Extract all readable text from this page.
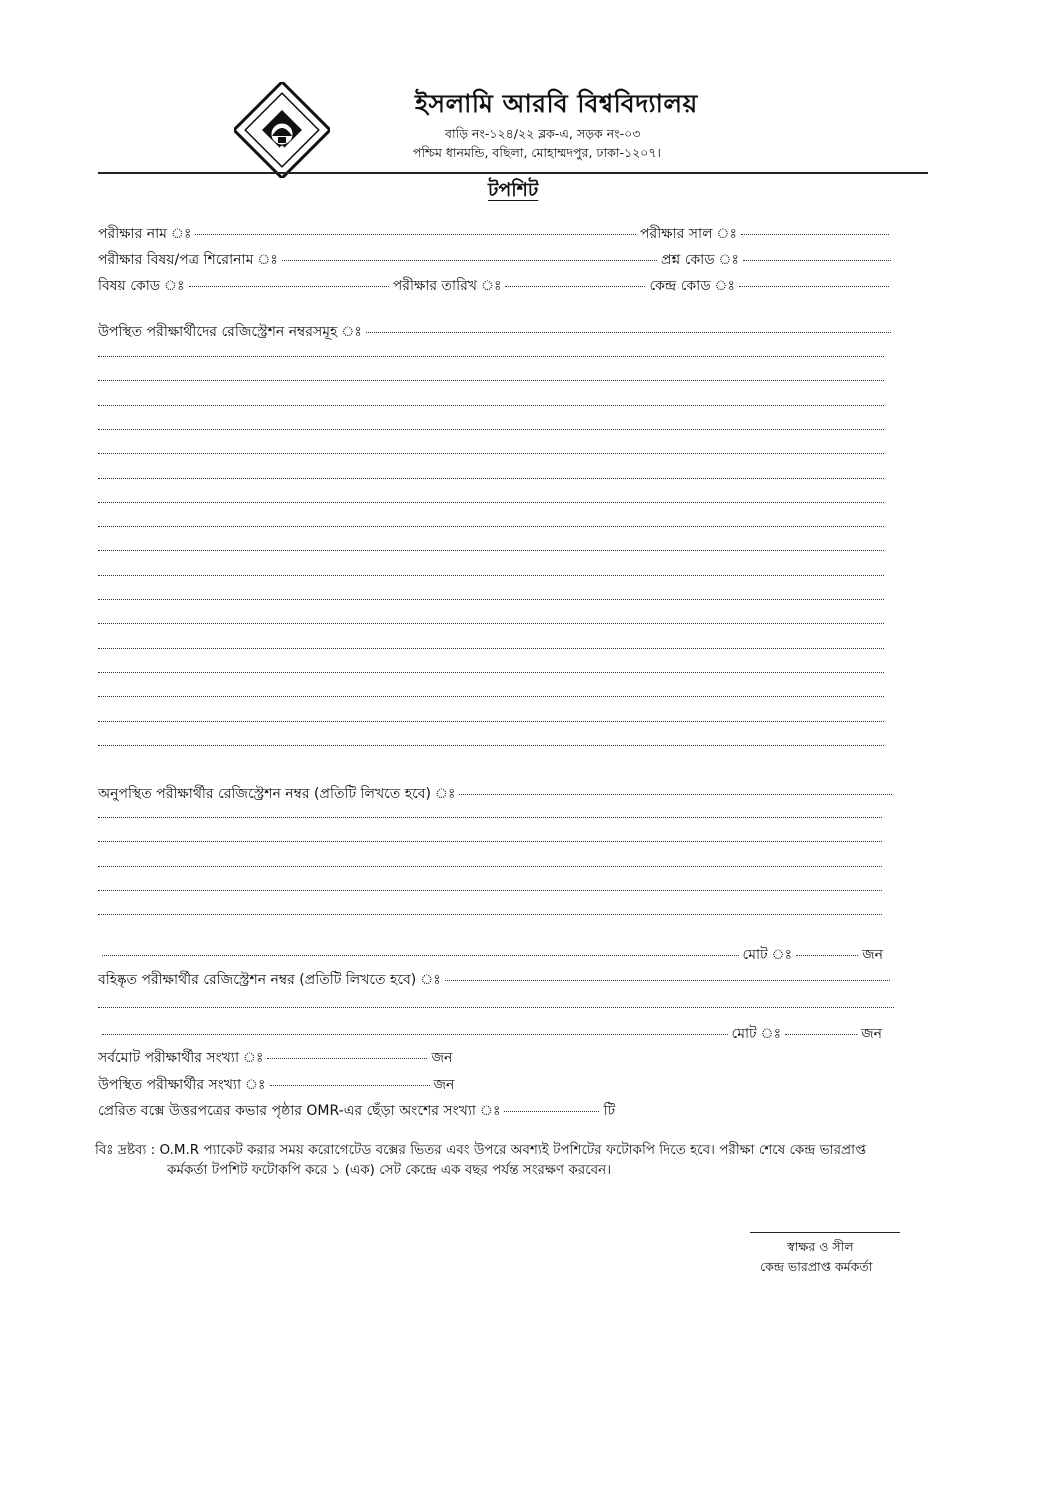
ইসলামি আরবি বিশ্ববিদ্যালয়
বাড়ি নং-১২৪/২২ ব্লক-এ, সড়ক নং-০৩
পশ্চিম ধানমন্ডি, বছিলা, মোহাম্মদপুর, ঢাকা-১২০৭।
টপশিট
পরীক্ষার নাম ঃ	পরীক্ষার সাল ঃ
পরীক্ষার বিষয়/পত্র শিরোনাম ঃ	প্রশ্ন কোড ঃ
বিষয় কোড ঃ	পরীক্ষার তারিখ ঃ	কেন্দ্র কোড ঃ
উপস্থিত পরীক্ষার্থীদের রেজিস্ট্রেশন নম্বরসমূহ ঃ
অনুপস্থিত পরীক্ষার্থীর রেজিস্ট্রেশন নম্বর (প্রতিটি লিখতে হবে) ঃ
মোট ঃ	জন
বহিষ্কৃত পরীক্ষার্থীর রেজিস্ট্রেশন নম্বর (প্রতিটি লিখতে হবে) ঃ
মোট ঃ	জন
সর্বমোট পরীক্ষার্থীর সংখ্যা ঃ	জন
উপস্থিত পরীক্ষার্থীর সংখ্যা ঃ	জন
প্রেরিত বক্সে উত্তরপত্রের কভার পৃষ্ঠার OMR-এর ছেঁড়া অংশের সংখ্যা ঃ	টি
বিঃ দ্রষ্টব্য : O.M.R প্যাকেট করার সময় করোগেটেড বক্সের ভিতর এবং উপরে অবশ্যই টপশিটের ফটোকপি দিতে হবে। পরীক্ষা শেষে কেন্দ্র ভারপ্রাপ্ত
কর্মকর্তা টপশিট ফটোকপি করে ১ (এক) সেট কেন্দ্রে এক বছর পর্যন্ত সংরক্ষণ করবেন।
স্বাক্ষর ও সীল
কেন্দ্র ভারপ্রাপ্ত কর্মকর্তা
